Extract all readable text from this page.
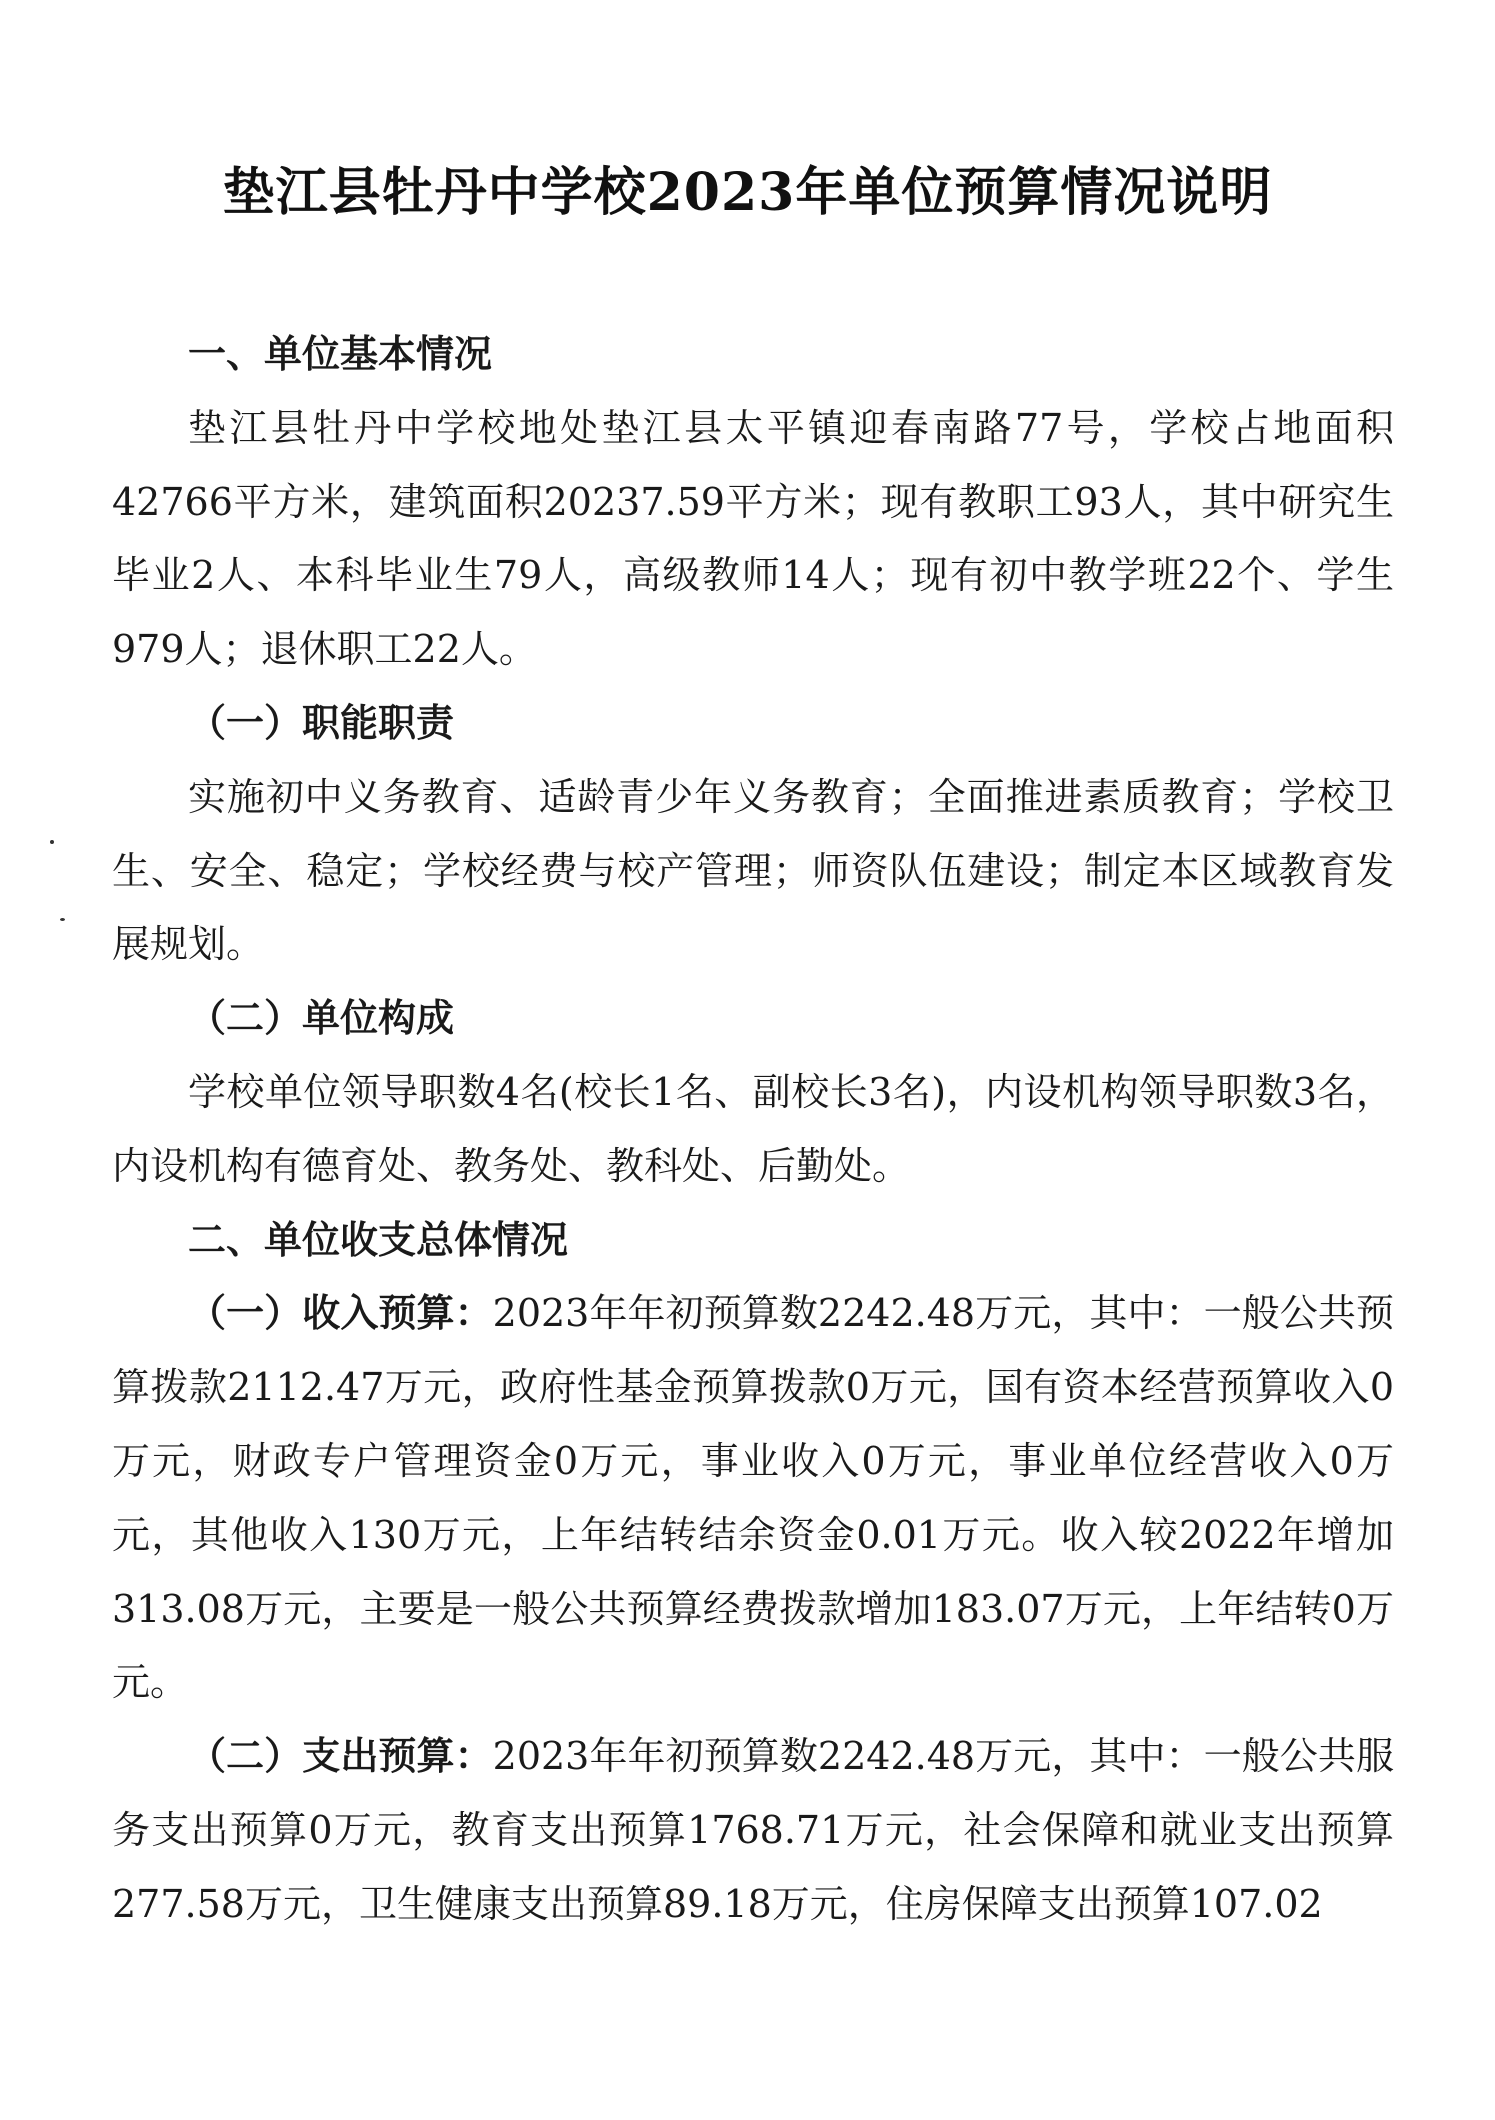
垫江县牡丹中学校2023年单位预算情况说明

一、单位基本情况

垫江县牡丹中学校地处垫江县太平镇迎春南路77号，学校占地面积42766平方米，建筑面积20237.59平方米；现有教职工93人，其中研究生毕业2人、本科毕业生79人，高级教师14人；现有初中教学班22个、学生979人；退休职工22人。

（一）职能职责

实施初中义务教育、适龄青少年义务教育；全面推进素质教育；学校卫生、安全、稳定；学校经费与校产管理；师资队伍建设；制定本区域教育发展规划。

（二）单位构成

学校单位领导职数4名(校长1名、副校长3名)，内设机构领导职数3名，内设机构有德育处、教务处、教科处、后勤处。

二、单位收支总体情况

（一）收入预算：2023年年初预算数2242.48万元，其中：一般公共预算拨款2112.47万元，政府性基金预算拨款0万元，国有资本经营预算收入0万元，财政专户管理资金0万元，事业收入0万元，事业单位经营收入0万元，其他收入130万元，上年结转结余资金0.01万元。收入较2022年增加313.08万元，主要是一般公共预算经费拨款增加183.07万元，上年结转0万元。

（二）支出预算：2023年年初预算数2242.48万元，其中：一般公共服务支出预算0万元，教育支出预算1768.71万元，社会保障和就业支出预算277.58万元，卫生健康支出预算89.18万元，住房保障支出预算107.02
